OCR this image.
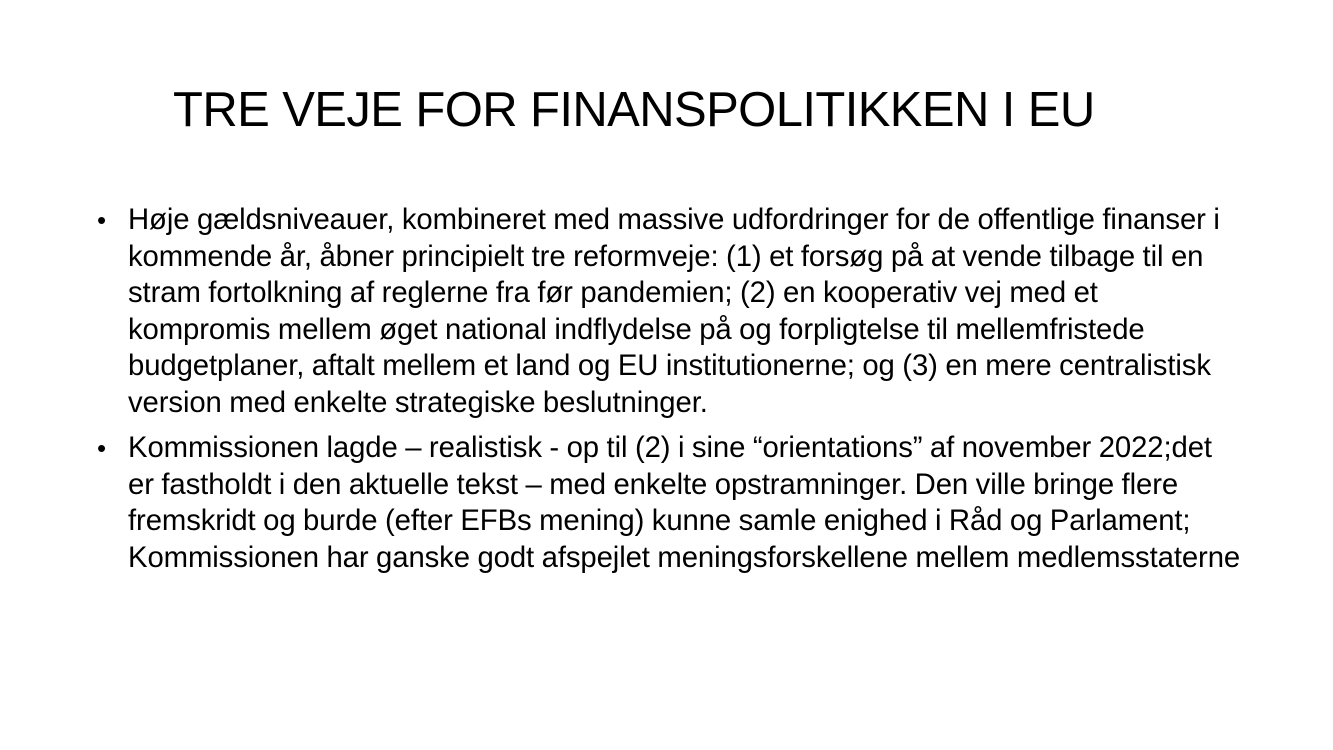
TRE VEJE FOR FINANSPOLITIKKEN I EU
• Høje gældsniveauer, kombineret med massive udfordringer for de offentlige finanser i kommende år, åbner principielt tre reformveje: (1) et forsøg på at vende tilbage til en stram fortolkning af reglerne fra før pandemien; (2) en kooperativ vej med et kompromis mellem øget national indflydelse på og forpligtelse til mellemfristede budgetplaner, aftalt mellem et land og EU institutionerne; og (3) en mere centralistisk version med enkelte strategiske beslutninger.
• Kommissionen lagde – realistisk - op til (2) i sine “orientations” af november 2022;det er fastholdt i den aktuelle tekst – med enkelte opstramninger. Den ville bringe flere fremskridt og burde (efter EFBs mening) kunne samle enighed i Råd og Parlament; Kommissionen har ganske godt afspejlet meningsforskellene mellem medlemsstaterne
